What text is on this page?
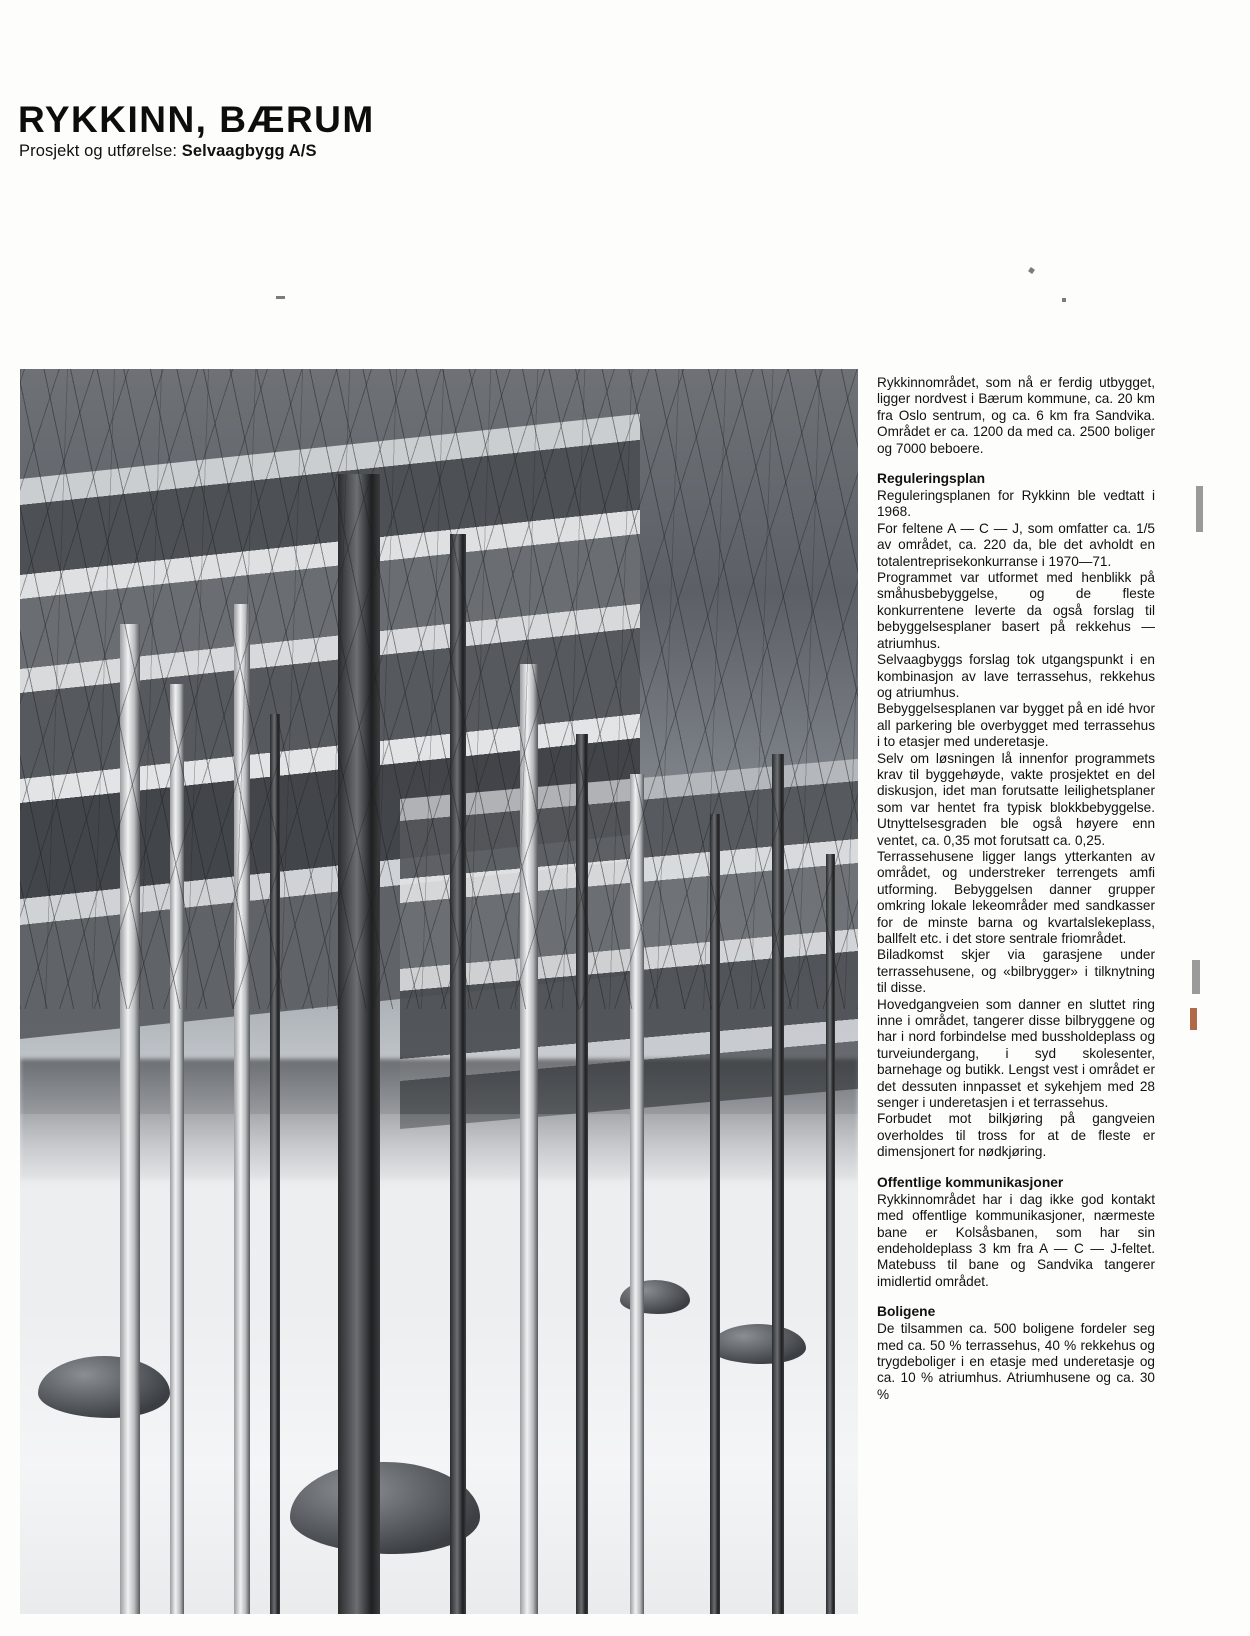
RYKKINN, BÆRUM
Prosjekt og utførelse: Selvaagbygg A/S

Rykkinnområdet, som nå er ferdig utbygget, ligger nordvest i Bærum kommune, ca. 20 km fra Oslo sentrum, og ca. 6 km fra Sandvika. Området er ca. 1200 da med ca. 2500 boliger og 7000 beboere.

Reguleringsplan

Reguleringsplanen for Rykkinn ble vedtatt i 1968.

For feltene A — C — J, som omfatter ca. 1/5 av området, ca. 220 da, ble det avholdt en totalentreprisekonkurranse i 1970—71.

Programmet var utformet med henblikk på småhusbebyggelse, og de fleste konkurrentene leverte da også forslag til bebyggelsesplaner basert på rekkehus — atriumhus.

Selvaagbyggs forslag tok utgangspunkt i en kombinasjon av lave terrassehus, rekkehus og atriumhus.

Bebyggelsesplanen var bygget på en idé hvor all parkering ble overbygget med terrassehus i to etasjer med underetasje.

Selv om løsningen lå innenfor programmets krav til byggehøyde, vakte prosjektet en del diskusjon, idet man forutsatte leilighetsplaner som var hentet fra typisk blokkbebyggelse. Utnyttelsesgraden ble også høyere enn ventet, ca. 0,35 mot forutsatt ca. 0,25.

Terrassehusene ligger langs ytterkanten av området, og understreker terrengets amfi utforming. Bebyggelsen danner grupper omkring lokale lekeområder med sandkasser for de minste barna og kvartalslekeplass, ballfelt etc. i det store sentrale friområdet.

Biladkomst skjer via garasjene under terrassehusene, og «bilbrygger» i tilknytning til disse.

Hovedgangveien som danner en sluttet ring inne i området, tangerer disse bilbryggene og har i nord forbindelse med bussholdeplass og turveiundergang, i syd skolesenter, barnehage og butikk. Lengst vest i området er det dessuten innpasset et sykehjem med 28 senger i underetasjen i et terrassehus.

Forbudet mot bilkjøring på gangveien overholdes til tross for at de fleste er dimensjonert for nødkjøring.

Offentlige kommunikasjoner

Rykkinnområdet har i dag ikke god kontakt med offentlige kommunikasjoner, nærmeste bane er Kolsåsbanen, som har sin endeholdeplass 3 km fra A — C — J-feltet. Matebuss til bane og Sandvika tangerer imidlertid området.

Boligene

De tilsammen ca. 500 boligene fordeler seg med ca. 50 % terrassehus, 40 % rekkehus og trygdeboliger i en etasje med underetasje og ca. 10 % atriumhus. Atriumhusene og ca. 30 %
